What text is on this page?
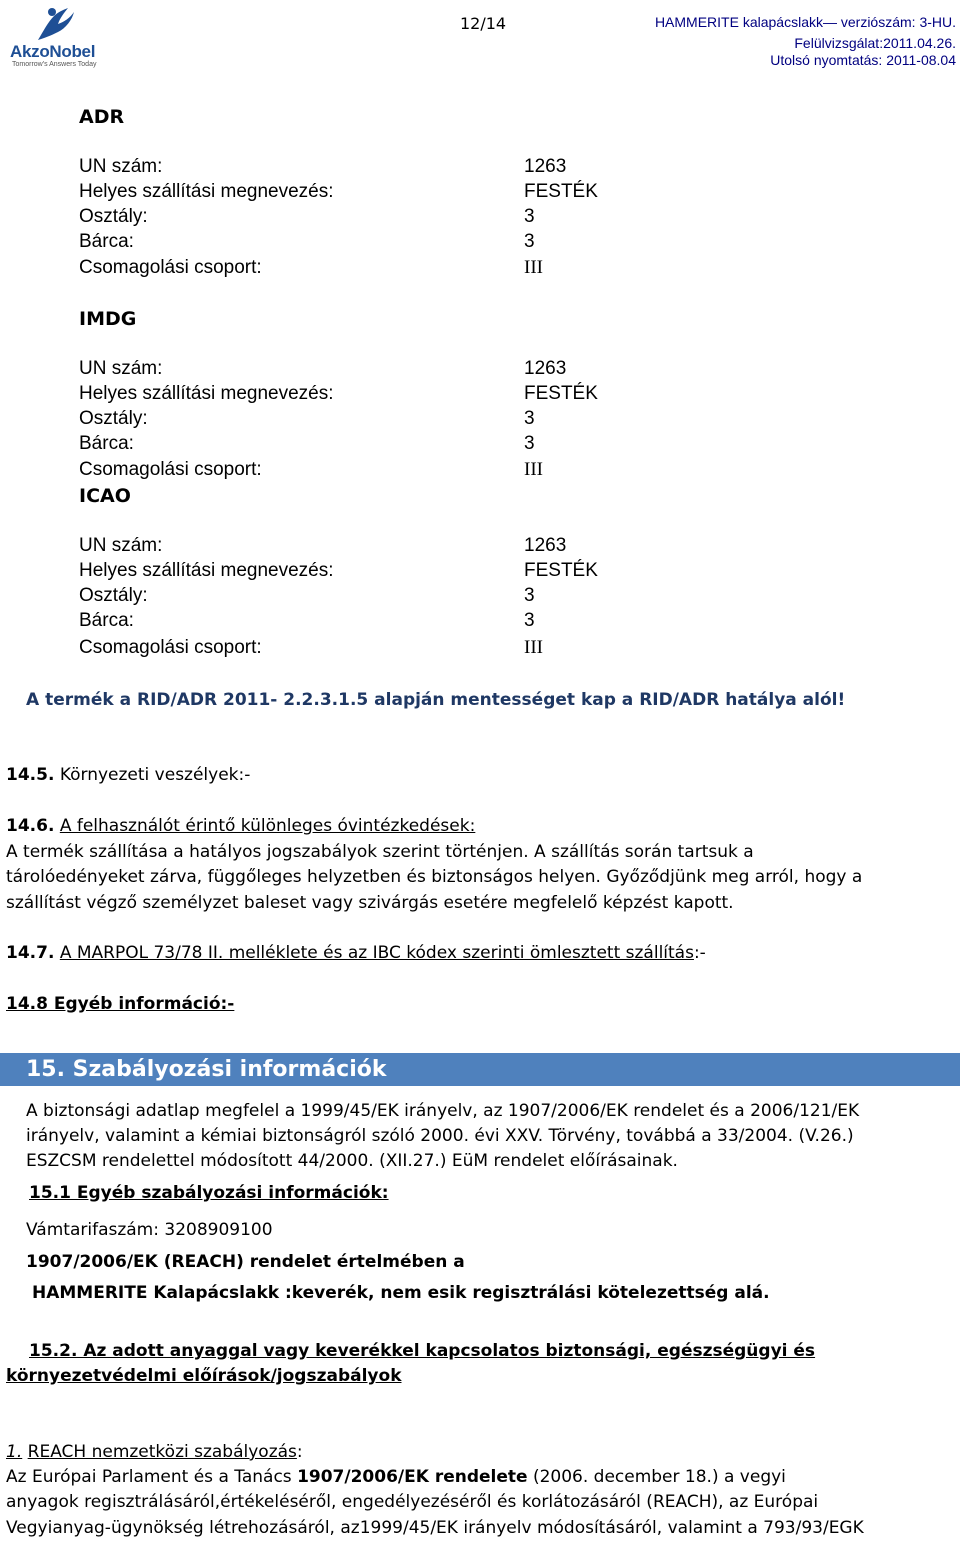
AkzoNobel
Tomorrow's Answers Today
12/14	HAMMERITE kalapácslakk— verziószám: 3-HU.
Felülvizsgálat:2011.04.26.
Utolsó nyomtatás: 2011-08.04
ADR
UN szám:	1263
Helyes szállítási megnevezés:	FESTÉK
Osztály:	3
Bárca:	3
Csomagolási csoport:	III
IMDG
UN szám:	1263
Helyes szállítási megnevezés:	FESTÉK
Osztály:	3
Bárca:	3
Csomagolási csoport:	III
ICAO
UN szám:	1263
Helyes szállítási megnevezés:	FESTÉK
Osztály:	3
Bárca:	3
Csomagolási csoport:	III
A termék a RID/ADR 2011- 2.2.3.1.5 alapján mentességet kap a RID/ADR hatálya alól!
14.5. Környezeti veszélyek:-
14.6. A felhasználót érintő különleges óvintézkedések:
A termék szállítása a hatályos jogszabályok szerint történjen. A szállítás során tartsuk a
tárolóedényeket zárva, függőleges helyzetben és biztonságos helyen. Győződjünk meg arról, hogy a
szállítást végző személyzet baleset vagy szivárgás esetére megfelelő képzést kapott.
14.7. A MARPOL 73/78 II. melléklete és az IBC kódex szerinti ömlesztett szállítás:-
14.8 Egyéb információ:-
15. Szabályozási információk
A biztonsági adatlap megfelel a 1999/45/EK irányelv, az 1907/2006/EK rendelet és a 2006/121/EK
irányelv, valamint a kémiai biztonságról szóló 2000. évi XXV. Törvény, továbbá a 33/2004. (V.26.)
ESZCSM rendelettel módosított 44/2000. (XII.27.) EüM rendelet előírásainak.
15.1 Egyéb szabályozási információk:
Vámtarifaszám: 3208909100
1907/2006/EK (REACH) rendelet értelmében a
HAMMERITE Kalapácslakk :keverék, nem esik regisztrálási kötelezettség alá.
15.2. Az adott anyaggal vagy keverékkel kapcsolatos biztonsági, egészségügyi és
környezetvédelmi előírások/jogszabályok
1. REACH nemzetközi szabályozás:
Az Európai Parlament és a Tanács 1907/2006/EK rendelete (2006. december 18.) a vegyi
anyagok regisztrálásáról,értékeléséről, engedélyezéséről és korlátozásáról (REACH), az Európai
Vegyianyag-ügynökség létrehozásáról, az1999/45/EK irányelv módosításáról, valamint a 793/93/EGK
